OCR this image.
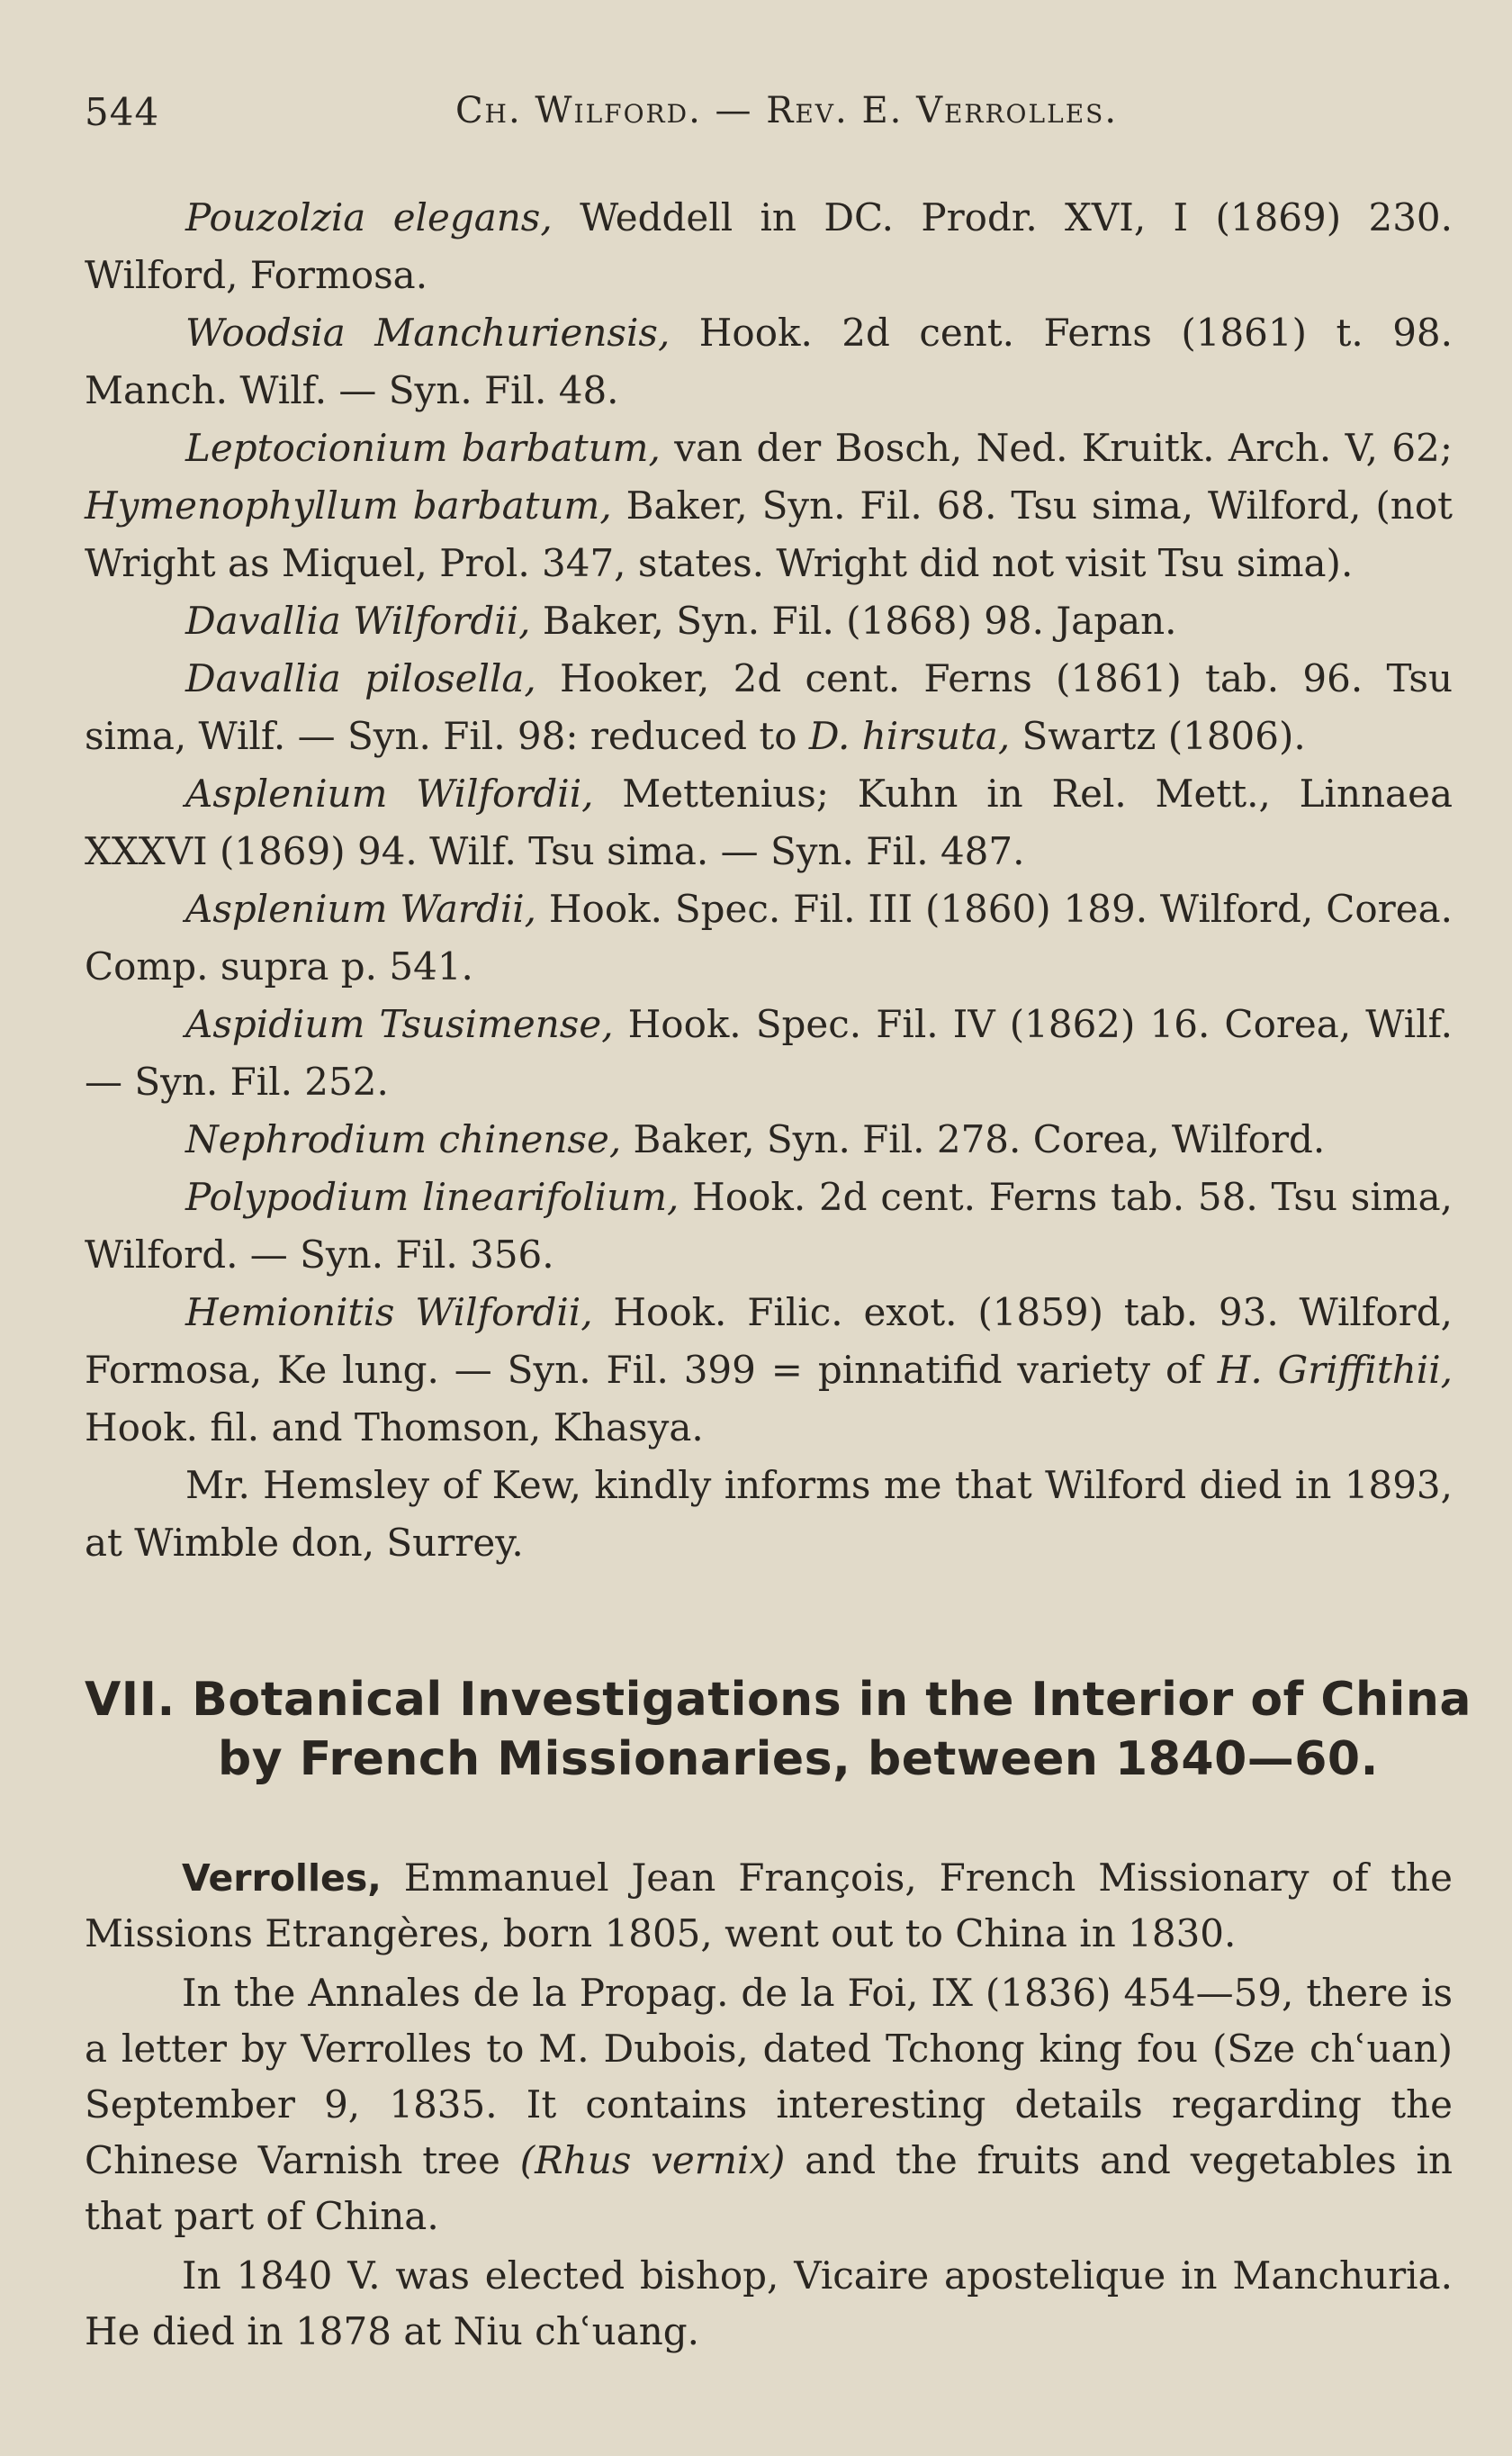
544	Ch. Wilford. — Rev. E. Verrolles.

Pouzolzia elegans, Weddell in DC. Prodr. XVI, I (1869) 230. Wilford, Formosa.

Woodsia Manchuriensis, Hook. 2d cent. Ferns (1861) t. 98. Manch. Wilf. — Syn. Fil. 48.

Leptocionium barbatum, van der Bosch, Ned. Kruitk. Arch. V, 62; Hymenophyllum barbatum, Baker, Syn. Fil. 68. Tsu sima, Wilford, (not Wright as Miquel, Prol. 347, states. Wright did not visit Tsu sima).

Davallia Wilfordii, Baker, Syn. Fil. (1868) 98. Japan.

Davallia pilosella, Hooker, 2d cent. Ferns (1861) tab. 96. Tsu sima, Wilf. — Syn. Fil. 98: reduced to D. hirsuta, Swartz (1806).

Asplenium Wilfordii, Mettenius; Kuhn in Rel. Mett., Linnaea XXXVI (1869) 94. Wilf. Tsu sima. — Syn. Fil. 487.

Asplenium Wardii, Hook. Spec. Fil. III (1860) 189. Wilford, Corea. Comp. supra p. 541.

Aspidium Tsusimense, Hook. Spec. Fil. IV (1862) 16. Corea, Wilf.— Syn. Fil. 252.

Nephrodium chinense, Baker, Syn. Fil. 278. Corea, Wilford.

Polypodium linearifolium, Hook. 2d cent. Ferns tab. 58. Tsu sima, Wilford. — Syn. Fil. 356.

Hemionitis Wilfordii, Hook. Filic. exot. (1859) tab. 93. Wilford, Formosa, Ke lung. — Syn. Fil. 399 = pinnatifid variety of H. Griffithii, Hook. fil. and Thomson, Khasya.

Mr. Hemsley of Kew, kindly informs me that Wilford died in 1893, at Wimble don, Surrey.

VII. Botanical Investigations in the Interior of China
by French Missionaries, between 1840—60.

Verrolles, Emmanuel Jean François, French Missionary of the Missions Etrangères, born 1805, went out to China in 1830.

In the Annales de la Propag. de la Foi, IX (1836) 454—59, there is a letter by Verrolles to M. Dubois, dated Tchong king fou (Sze chʿuan) September 9, 1835. It contains interesting details regarding the Chinese Varnish tree (Rhus vernix) and the fruits and vegetables in that part of China.

In 1840 V. was elected bishop, Vicaire apostelique in Manchuria. He died in 1878 at Niu chʿuang.
